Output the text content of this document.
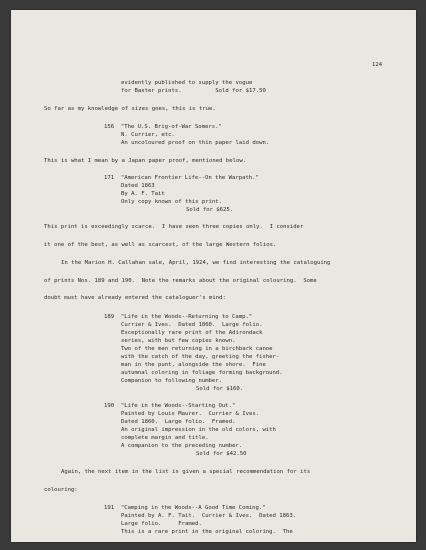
124
evidently published to supply the vogue
for Baxter prints.          Sold for $17.50
So far as my knowledge of sizes goes, this is true.
156  "The U.S. Brig-of-War Somers."
N. Currier, etc.
An uncoloured proof on thin paper laid down.
This is what I mean by a Japan paper proof, mentioned below.
171  "American Frontier Life--On the Warpath."
Dated 1863
By A. F. Tait
Only copy known of this print.
Sold for $625.
This print is exceedingly scarce.  I have seen three copies only.  I consider
it one of the best, as well as scarcest, of the large Western folios.
In the Marion H. Callahan sale, April, 1924, we find interesting the cataloguing
of prints Nos. 189 and 190.  Note the remarks about the original colouring.  Some
doubt must have already entered the cataloguer's mind:
189  "Life in the Woods--Returning to Camp."
Currier & Ives.  Dated 1860.  Large folio.
Exceptionally rare print of the Adirondack
series, with but few copies known.
Two of the men returning in a birchbark canoe
with the catch of the day, greeting the fisher-
man in the punt, alongside the shore.  Fine
autumnal coloring in foliage forming background.
Companion to following number.
Sold for $160.
190  "Life in the Woods--Starting Out."
Painted by Louis Maurer.  Currier & Ives.
Dated 1860.  Large folio.  Framed.
An original impression in the old colors, with
complete margin and title.
A companion to the preceding number.
Sold for $42.50
Again, the next item in the list is given a special recommendation for its
colouring:
191  "Camping in the Woods--A Good Time Coming."
Painted by A. F. Tait.  Currier & Ives.  Dated 1863.
Large folio.     Framed.
This is a rare print in the original coloring.  The
